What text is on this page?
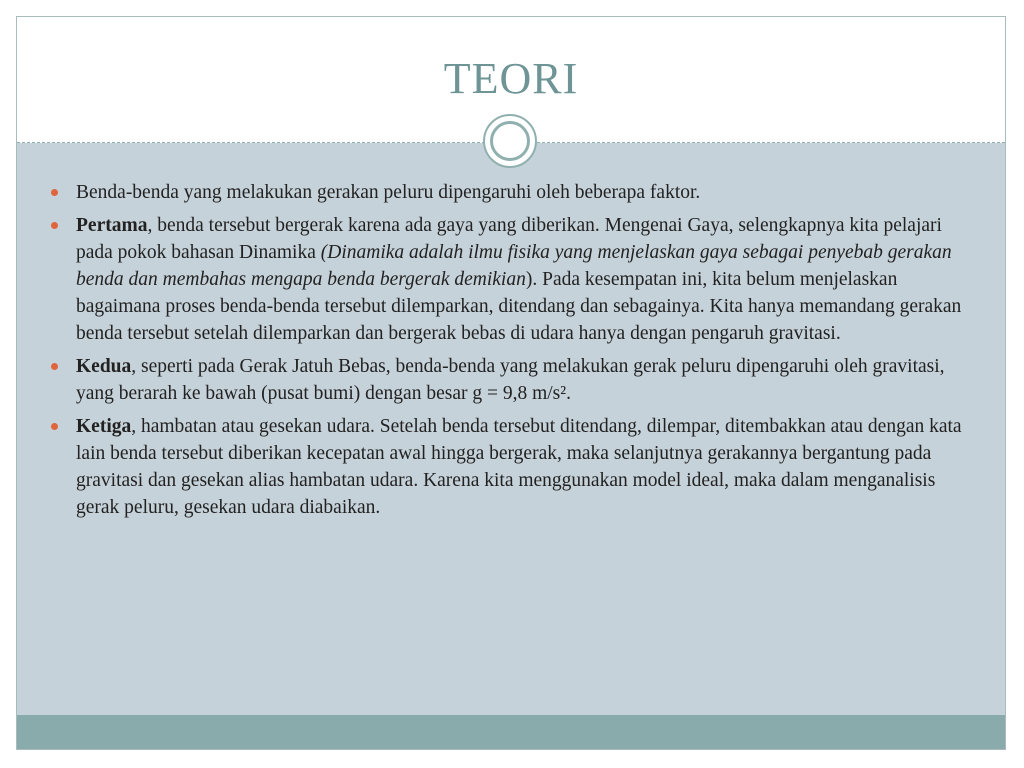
TEORI
Benda-benda yang melakukan gerakan peluru dipengaruhi oleh beberapa faktor.
Pertama, benda tersebut bergerak karena ada gaya yang diberikan. Mengenai Gaya, selengkapnya kita pelajari pada pokok bahasan Dinamika (Dinamika adalah ilmu fisika yang menjelaskan gaya sebagai penyebab gerakan benda dan membahas mengapa benda bergerak demikian). Pada kesempatan ini, kita belum menjelaskan bagaimana proses benda-benda tersebut dilemparkan, ditendang dan sebagainya. Kita hanya memandang gerakan benda tersebut setelah dilemparkan dan bergerak bebas di udara hanya dengan pengaruh gravitasi.
Kedua, seperti pada Gerak Jatuh Bebas, benda-benda yang melakukan gerak peluru dipengaruhi oleh gravitasi, yang berarah ke bawah (pusat bumi) dengan besar g = 9,8 m/s².
Ketiga, hambatan atau gesekan udara. Setelah benda tersebut ditendang, dilempar, ditembakkan atau dengan kata lain benda tersebut diberikan kecepatan awal hingga bergerak, maka selanjutnya gerakannya bergantung pada gravitasi dan gesekan alias hambatan udara. Karena kita menggunakan model ideal, maka dalam menganalisis gerak peluru, gesekan udara diabaikan.
